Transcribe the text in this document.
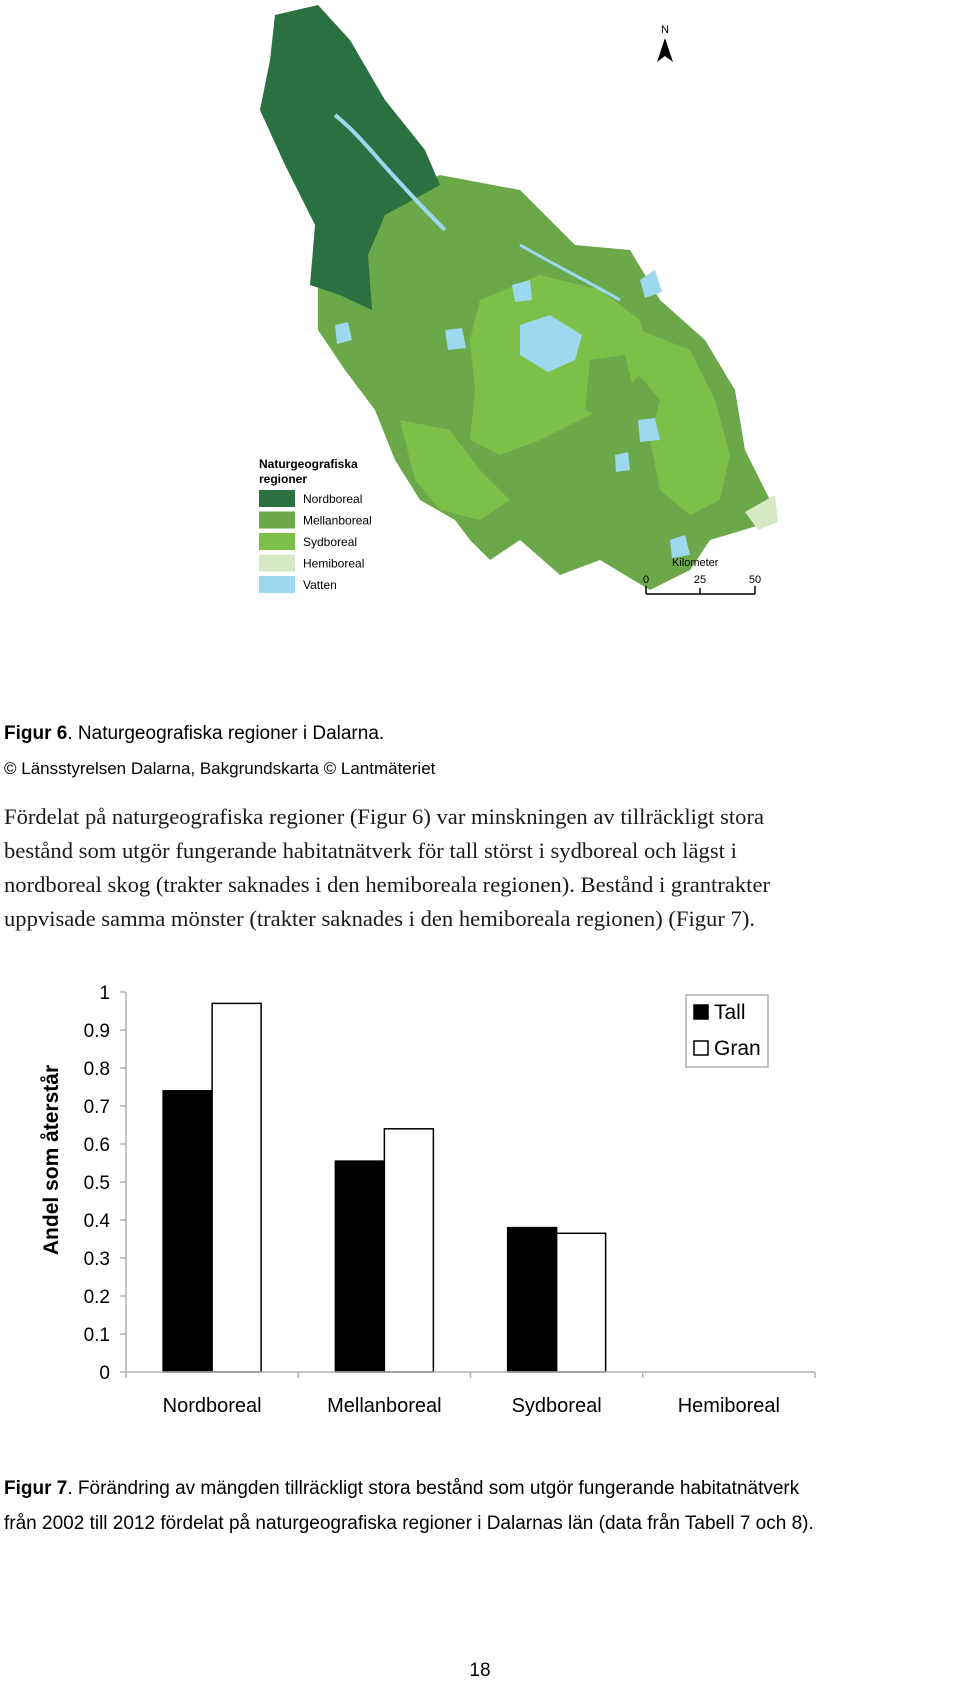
N
Naturgeografiska
regioner
Nordboreal
Mellanboreal
Sydboreal
Hemiboreal
Vatten
Kilometer
0	25	50
Figur 6. Naturgeografiska regioner i Dalarna.
© Länsstyrelsen Dalarna, Bakgrundskarta © Lantmäteriet
Fördelat på naturgeografiska regioner (Figur 6) var minskningen av tillräckligt stora
bestånd som utgör fungerande habitatnätverk för tall störst i sydboreal och lägst i
nordboreal skog (trakter saknades i den hemiboreala regionen). Bestånd i grantrakter
uppvisade samma mönster (trakter saknades i den hemiboreala regionen) (Figur 7).
Andel som återstår
0
0.1
0.2
0.3
0.4
0.5
0.6
0.7
0.8
0.9
1
Nordboreal	Mellanboreal	Sydboreal	Hemiboreal
Tall
Gran
Figur 7. Förändring av mängden tillräckligt stora bestånd som utgör fungerande habitatnätverk
från 2002 till 2012 fördelat på naturgeografiska regioner i Dalarnas län (data från Tabell 7 och 8).
18
